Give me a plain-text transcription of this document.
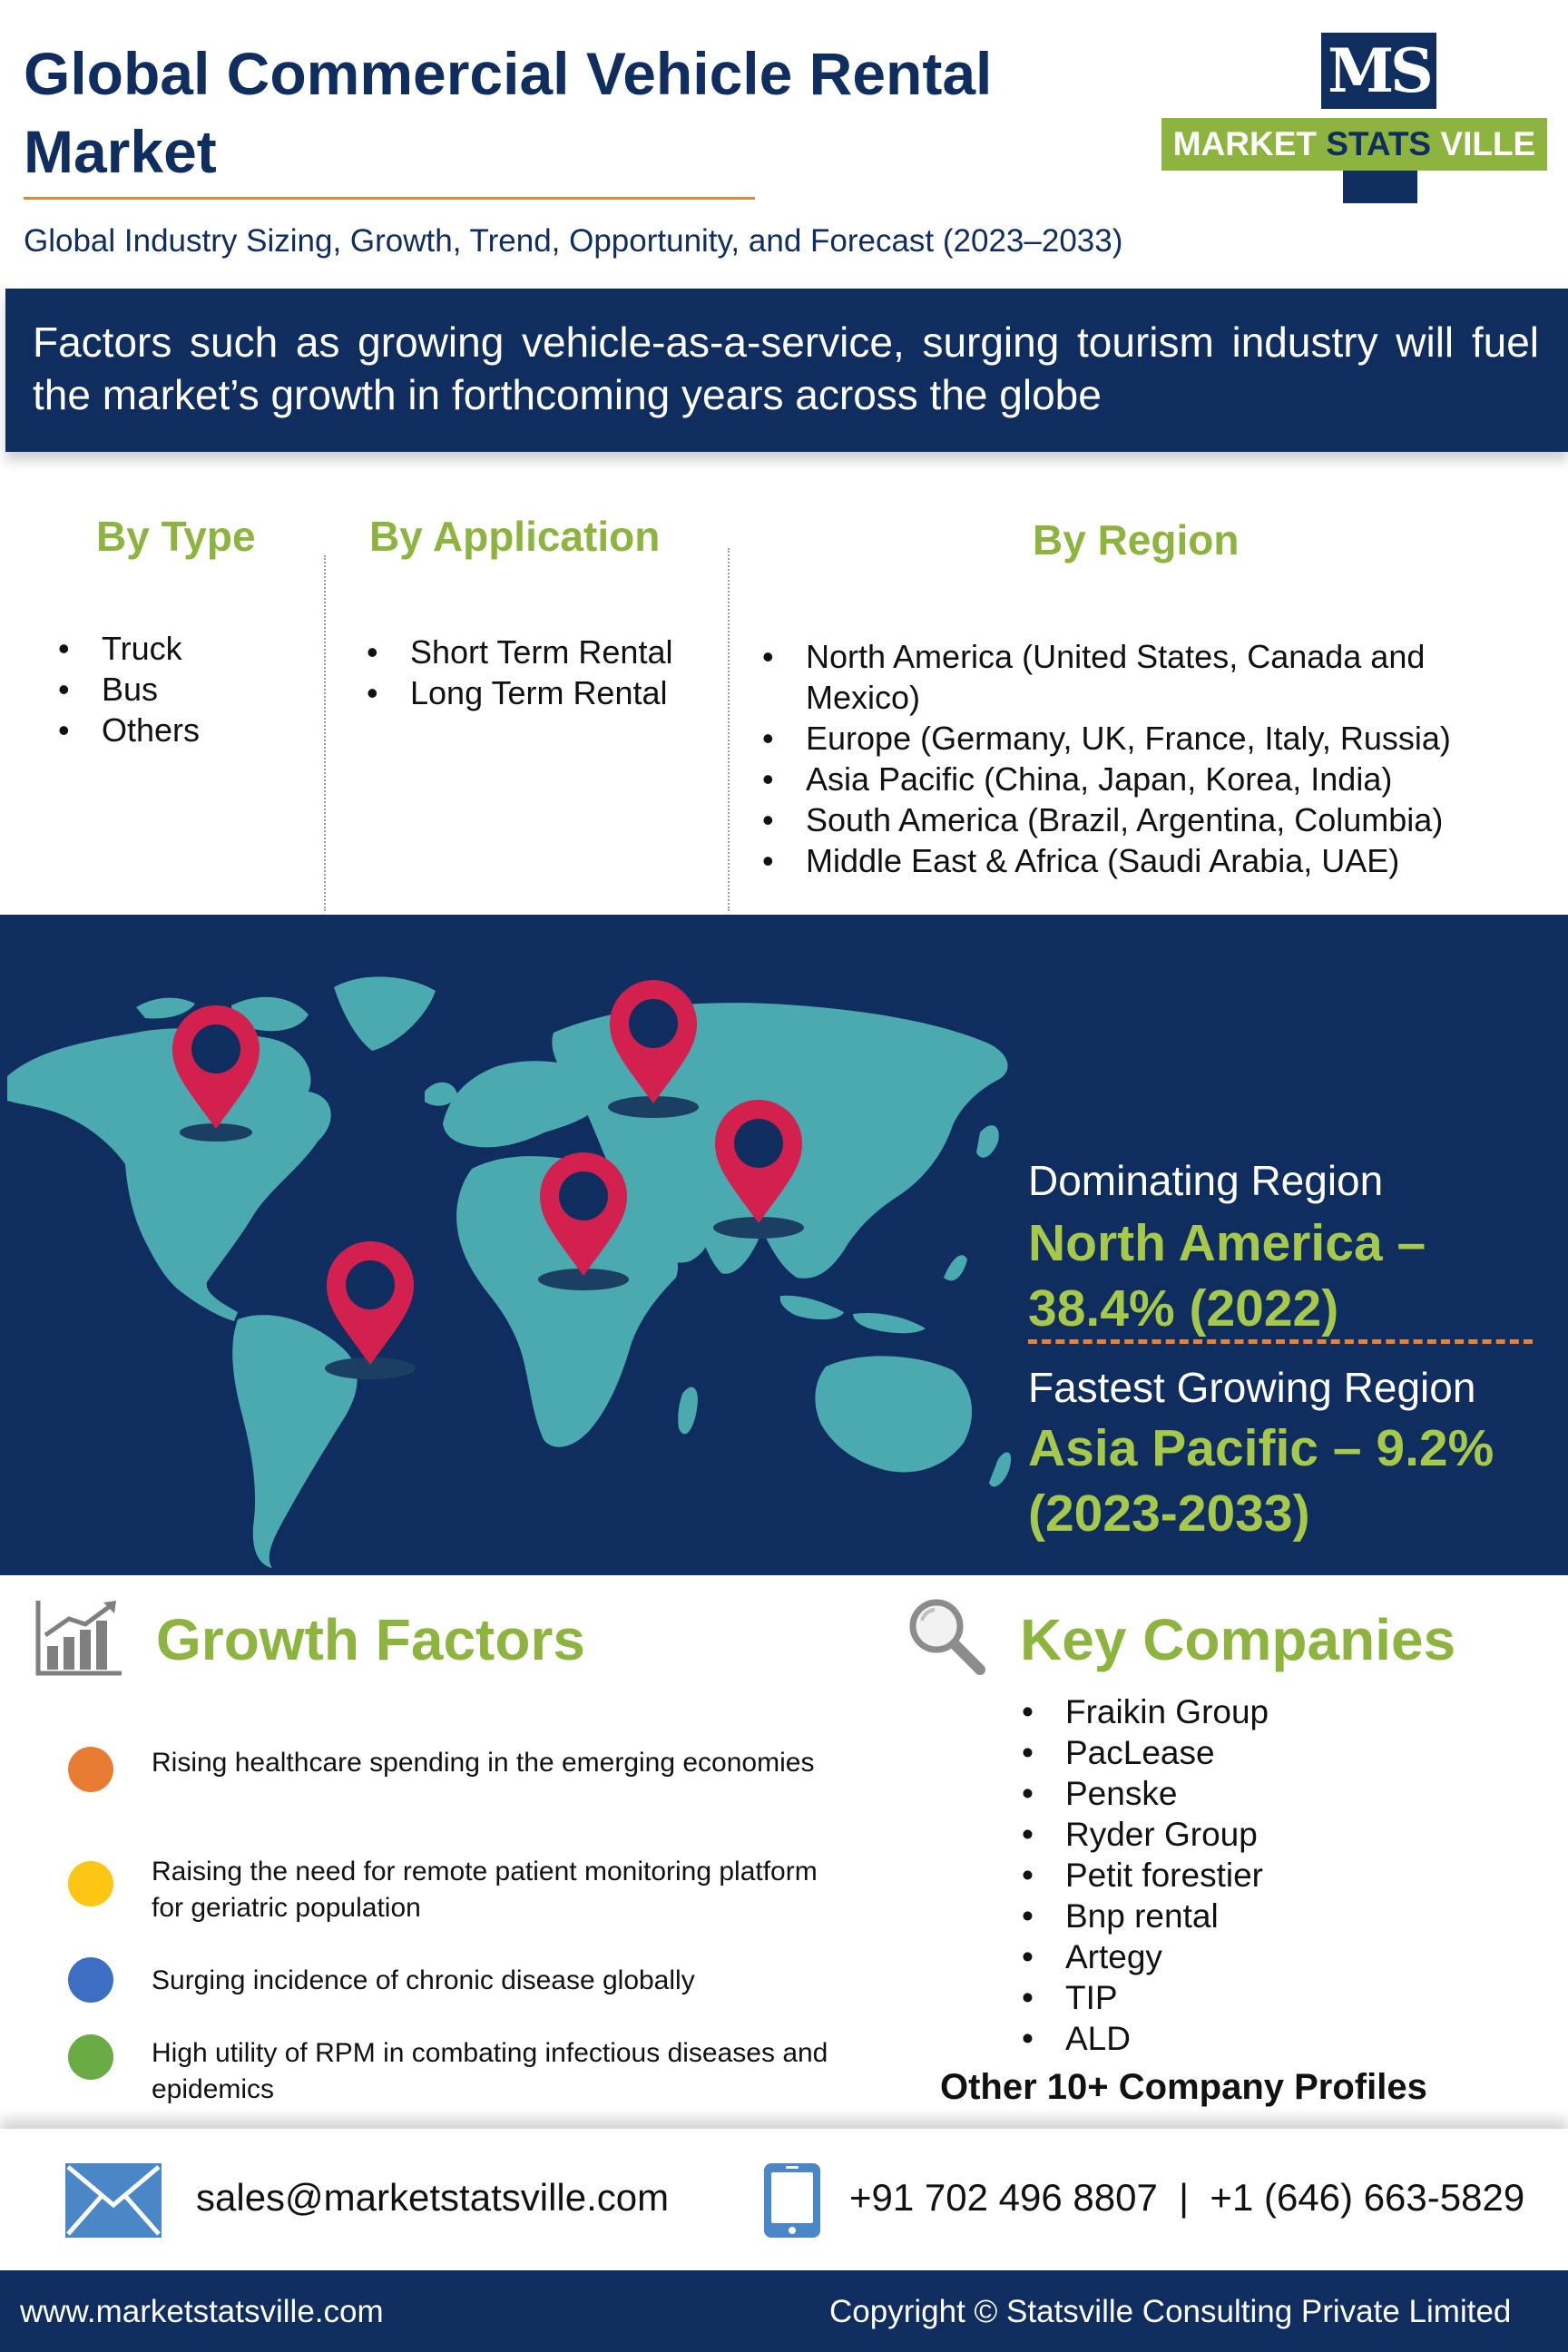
Global Commercial Vehicle Rental Market
Global Industry Sizing, Growth, Trend, Opportunity, and Forecast (2023–2033)
MS
MARKET STATS VILLE
Factors such as growing vehicle-as-a-service, surging tourism industry will fuel the market’s growth in forthcoming years across the globe
By Type
• Truck
• Bus
• Others
By Application
• Short Term Rental
• Long Term Rental
By Region
• North America (United States, Canada and Mexico)
• Europe (Germany, UK, France, Italy, Russia)
• Asia Pacific (China, Japan, Korea, India)
• South America (Brazil, Argentina, Columbia)
• Middle East & Africa (Saudi Arabia, UAE)
Dominating Region
North America – 38.4% (2022)
Fastest Growing Region
Asia Pacific – 9.2% (2023-2033)
Growth Factors
Rising healthcare spending in the emerging economies
Raising the need for remote patient monitoring platform for geriatric population
Surging incidence of chronic disease globally
High utility of RPM in combating infectious diseases and epidemics
Key Companies
• Fraikin Group
• PacLease
• Penske
• Ryder Group
• Petit forestier
• Bnp rental
• Artegy
• TIP
• ALD
Other 10+ Company Profiles
sales@marketstatsville.com	+91 702 496 8807  |  +1 (646) 663-5829
www.marketstatsville.com	Copyright © Statsville Consulting Private Limited
